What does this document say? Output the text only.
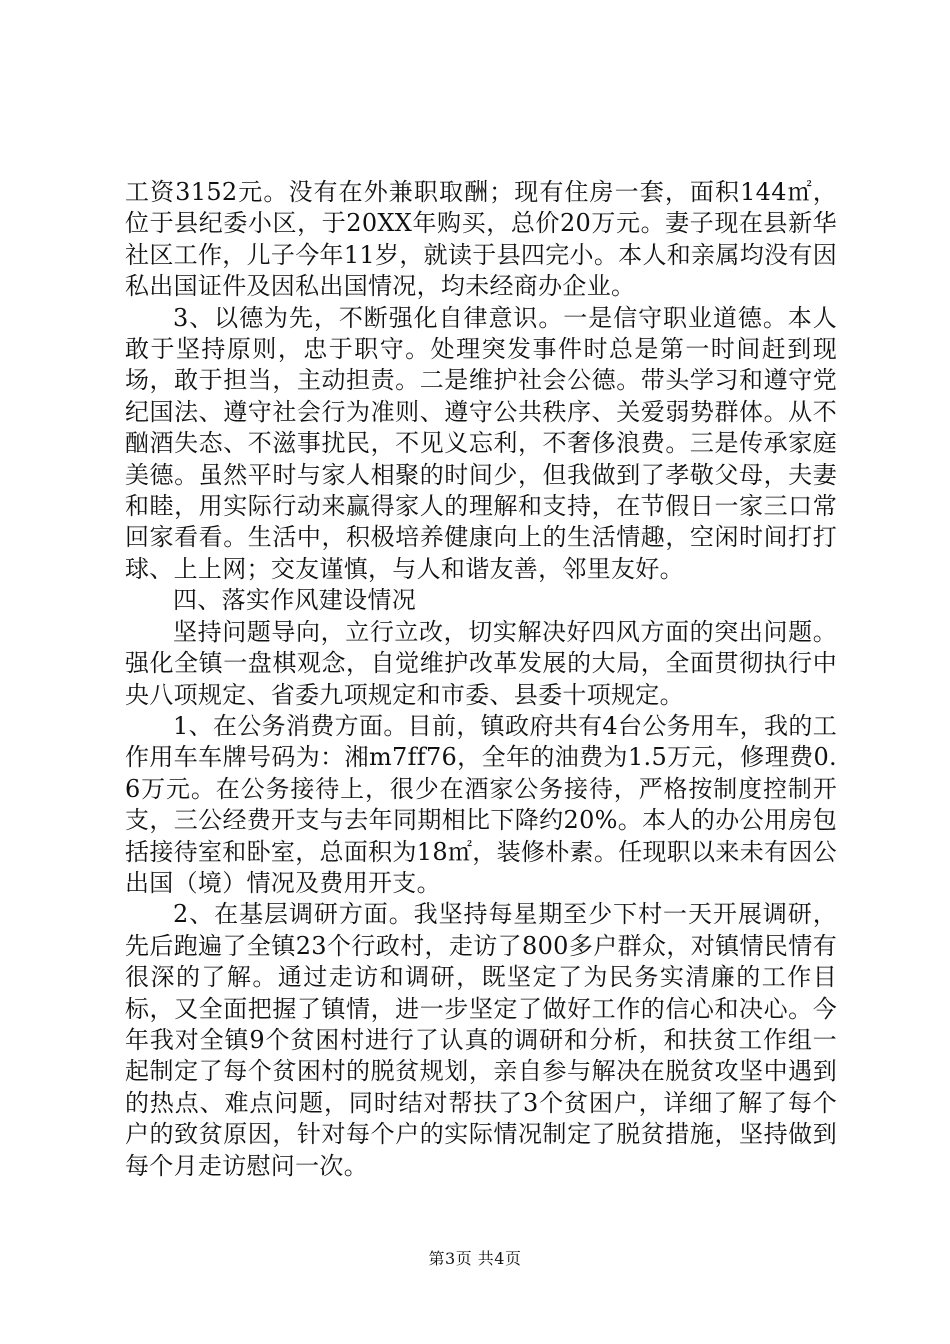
工资3152元。没有在外兼职取酬；现有住房一套，面积144㎡，位于县纪委小区，于20XX年购买，总价20万元。妻子现在县新华社区工作，儿子今年11岁，就读于县四完小。本人和亲属均没有因私出国证件及因私出国情况，均未经商办企业。

3、以德为先，不断强化自律意识。一是信守职业道德。本人敢于坚持原则，忠于职守。处理突发事件时总是第一时间赶到现场，敢于担当，主动担责。二是维护社会公德。带头学习和遵守党纪国法、遵守社会行为准则、遵守公共秩序、关爱弱势群体。从不酗酒失态、不滋事扰民，不见义忘利，不奢侈浪费。三是传承家庭美德。虽然平时与家人相聚的时间少，但我做到了孝敬父母，夫妻和睦，用实际行动来赢得家人的理解和支持，在节假日一家三口常回家看看。生活中，积极培养健康向上的生活情趣，空闲时间打打球、上上网；交友谨慎，与人和谐友善，邻里友好。

四、落实作风建设情况

坚持问题导向，立行立改，切实解决好四风方面的突出问题。强化全镇一盘棋观念，自觉维护改革发展的大局，全面贯彻执行中央八项规定、省委九项规定和市委、县委十项规定。

1、在公务消费方面。目前，镇政府共有4台公务用车，我的工作用车车牌号码为：湘m7ff76，全年的油费为1.5万元，修理费0.6万元。在公务接待上，很少在酒家公务接待，严格按制度控制开支，三公经费开支与去年同期相比下降约20%。本人的办公用房包括接待室和卧室，总面积为18㎡，装修朴素。任现职以来未有因公出国（境）情况及费用开支。

2、在基层调研方面。我坚持每星期至少下村一天开展调研，先后跑遍了全镇23个行政村，走访了800多户群众，对镇情民情有很深的了解。通过走访和调研，既坚定了为民务实清廉的工作目标，又全面把握了镇情，进一步坚定了做好工作的信心和决心。今年我对全镇9个贫困村进行了认真的调研和分析，和扶贫工作组一起制定了每个贫困村的脱贫规划，亲自参与解决在脱贫攻坚中遇到的热点、难点问题，同时结对帮扶了3个贫困户，详细了解了每个户的致贫原因，针对每个户的实际情况制定了脱贫措施，坚持做到每个月走访慰问一次。

第3页 共4页
